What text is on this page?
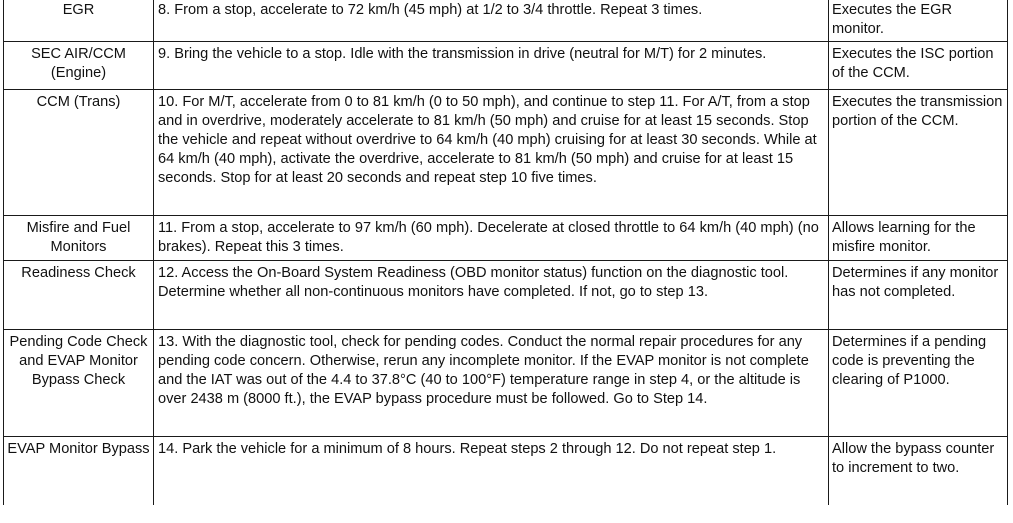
EGR	8. From a stop, accelerate to 72 km/h (45 mph) at 1/2 to 3/4 throttle. Repeat 3 times.	Executes the EGR monitor.
SEC AIR/CCM (Engine)	9. Bring the vehicle to a stop. Idle with the transmission in drive (neutral for M/T) for 2 minutes.	Executes the ISC portion of the CCM.
CCM (Trans)	10. For M/T, accelerate from 0 to 81 km/h (0 to 50 mph), and continue to step 11. For A/T, from a stop and in overdrive, moderately accelerate to 81 km/h (50 mph) and cruise for at least 15 seconds. Stop the vehicle and repeat without overdrive to 64 km/h (40 mph) cruising for at least 30 seconds. While at 64 km/h (40 mph), activate the overdrive, accelerate to 81 km/h (50 mph) and cruise for at least 15 seconds. Stop for at least 20 seconds and repeat step 10 five times.	Executes the transmission portion of the CCM.
Misfire and Fuel Monitors	11. From a stop, accelerate to 97 km/h (60 mph). Decelerate at closed throttle to 64 km/h (40 mph) (no brakes). Repeat this 3 times.	Allows learning for the misfire monitor.
Readiness Check	12. Access the On-Board System Readiness (OBD monitor status) function on the diagnostic tool. Determine whether all non-continuous monitors have completed. If not, go to step 13.	Determines if any monitor has not completed.
Pending Code Check and EVAP Monitor Bypass Check	13. With the diagnostic tool, check for pending codes. Conduct the normal repair procedures for any pending code concern. Otherwise, rerun any incomplete monitor. If the EVAP monitor is not complete and the IAT was out of the 4.4 to 37.8°C (40 to 100°F) temperature range in step 4, or the altitude is over 2438 m (8000 ft.), the EVAP bypass procedure must be followed. Go to Step 14.	Determines if a pending code is preventing the clearing of P1000.
EVAP Monitor Bypass	14. Park the vehicle for a minimum of 8 hours. Repeat steps 2 through 12. Do not repeat step 1.	Allow the bypass counter to increment to two.
